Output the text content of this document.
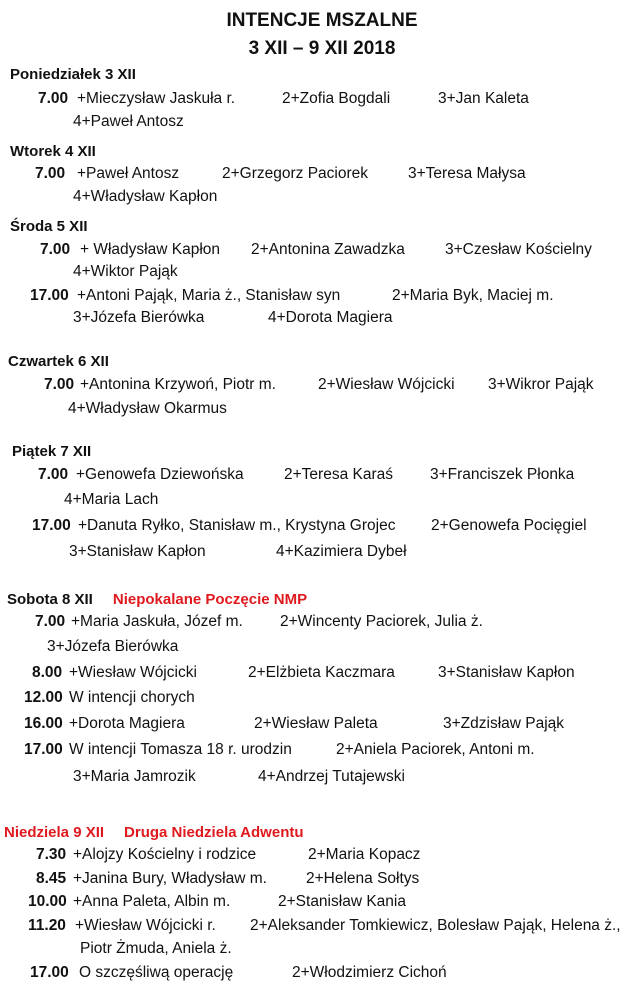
INTENCJE MSZALNE
3 XII – 9 XII 2018
Poniedziałek 3 XII
7.00 +Mieczysław Jaskuła r.	2+Zofia Bogdali	3+Jan Kaleta
4+Paweł Antosz
Wtorek 4 XII
7.00 +Paweł Antosz	2+Grzegorz Paciorek	3+Teresa Małysa
4+Władysław Kapłon
Środa 5 XII
7.00 + Władysław Kapłon 2+Antonina Zawadzka	3+Czesław Kościelny
4+Wiktor Pająk
17.00 +Antoni Pająk, Maria ż., Stanisław syn	2+Maria Byk, Maciej m.
3+Józefa Bierówka	4+Dorota Magiera
Czwartek 6 XII
7.00 +Antonina Krzywoń, Piotr m.	2+Wiesław Wójcicki 3+Wikror Pająk
4+Władysław Okarmus
Piątek 7 XII
7.00 +Genowefa Dziewońska	2+Teresa Karaś 3+Franciszek Płonka
4+Maria Lach
17.00 +Danuta Ryłko, Stanisław m., Krystyna Grojec 2+Genowefa Pocięgiel
3+Stanisław Kapłon	4+Kazimiera Dybeł
Sobota 8 XII Niepokalane Poczęcie NMP
7.00 +Maria Jaskuła, Józef m. 2+Wincenty Paciorek, Julia ż.
3+Józefa Bierówka
8.00 +Wiesław Wójcicki	2+Elżbieta Kaczmara	3+Stanisław Kapłon
12.00 W intencji chorych
16.00 +Dorota Magiera	2+Wiesław Paleta	3+Zdzisław Pająk
17.00 W intencji Tomasza 18 r. urodzin	2+Aniela Paciorek, Antoni m.
3+Maria Jamrozik	4+Andrzej Tutajewski
Niedziela 9 XII Druga Niedziela Adwentu
7.30 +Alojzy Kościelny i rodzice	2+Maria Kopacz
8.45 +Janina Bury, Władysław m.	2+Helena Sołtys
10.00 +Anna Paleta, Albin m.	2+Stanisław Kania
11.20 +Wiesław Wójcicki r. 2+Aleksander Tomkiewicz, Bolesław Pająk, Helena ż.,
Piotr Żmuda, Aniela ż.
17.00 O szczęśliwą operację	2+Włodzimierz Cichoń
